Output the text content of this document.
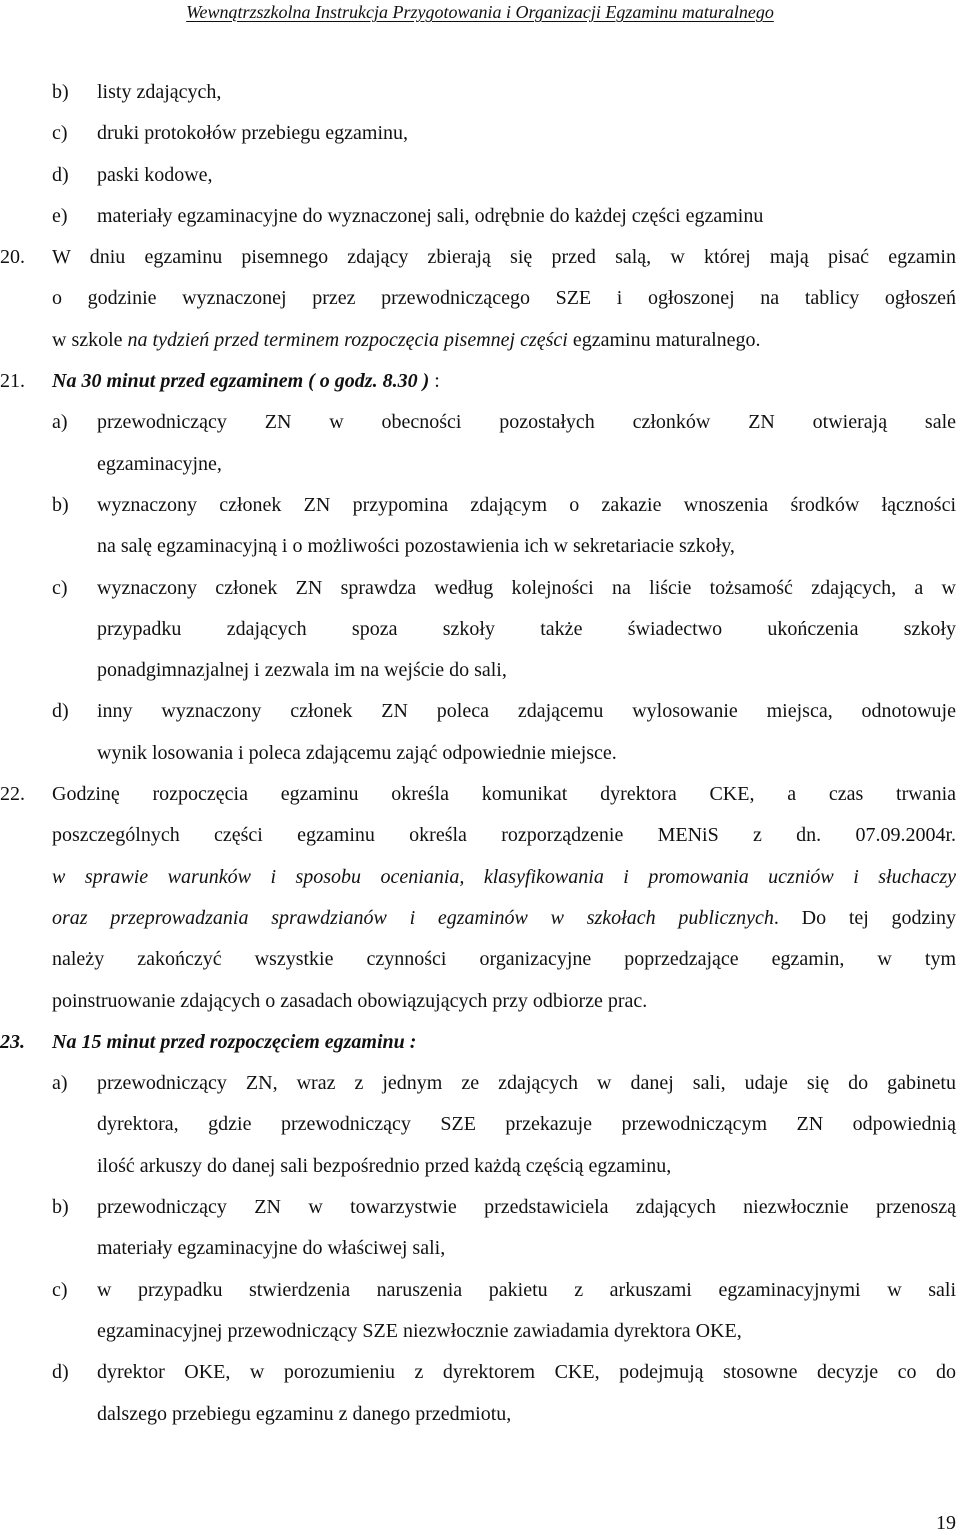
Wewnątrzszkolna Instrukcja Przygotowania i Organizacji Egzaminu maturalnego
b) listy zdających,
c) druki protokołów przebiegu egzaminu,
d) paski kodowe,
e) materiały egzaminacyjne do wyznaczonej sali, odrębnie do każdej części egzaminu
20. W dniu egzaminu pisemnego zdający zbierają się przed salą, w której mają pisać egzamin
o godzinie wyznaczonej przez przewodniczącego SZE i ogłoszonej na tablicy ogłoszeń
w szkole na tydzień przed terminem rozpoczęcia pisemnej części egzaminu maturalnego.
21. Na 30 minut przed egzaminem ( o godz. 8.30 ) :
a) przewodniczący ZN w obecności pozostałych członków ZN otwierają sale
egzaminacyjne,
b) wyznaczony członek ZN przypomina zdającym o zakazie wnoszenia środków łączności
na salę egzaminacyjną i o możliwości pozostawienia ich w sekretariacie szkoły,
c) wyznaczony członek ZN sprawdza według kolejności na liście tożsamość zdających, a w
przypadku zdających spoza szkoły także świadectwo ukończenia szkoły
ponadgimnazjalnej i zezwala im na wejście do sali,
d) inny wyznaczony członek ZN poleca zdającemu wylosowanie miejsca, odnotowuje
wynik losowania i poleca zdającemu zająć odpowiednie miejsce.
22. Godzinę rozpoczęcia egzaminu określa komunikat dyrektora CKE, a czas trwania
poszczególnych części egzaminu określa rozporządzenie MENiS z dn. 07.09.2004r.
w sprawie warunków i sposobu oceniania, klasyfikowania i promowania uczniów i słuchaczy
oraz przeprowadzania sprawdzianów i egzaminów w szkołach publicznych. Do tej godziny
należy zakończyć wszystkie czynności organizacyjne poprzedzające egzamin, w tym
poinstruowanie zdających o zasadach obowiązujących przy odbiorze prac.
23. Na 15 minut przed rozpoczęciem egzaminu :
a) przewodniczący ZN, wraz z jednym ze zdających w danej sali, udaje się do gabinetu
dyrektora, gdzie przewodniczący SZE przekazuje przewodniczącym ZN odpowiednią
ilość arkuszy do danej sali bezpośrednio przed każdą częścią egzaminu,
b) przewodniczący ZN w towarzystwie przedstawiciela zdających niezwłocznie przenoszą
materiały egzaminacyjne do właściwej sali,
c) w przypadku stwierdzenia naruszenia pakietu z arkuszami egzaminacyjnymi w sali
egzaminacyjnej przewodniczący SZE niezwłocznie zawiadamia dyrektora OKE,
d) dyrektor OKE, w porozumieniu z dyrektorem CKE, podejmują stosowne decyzje co do
dalszego przebiegu egzaminu z danego przedmiotu,
19
